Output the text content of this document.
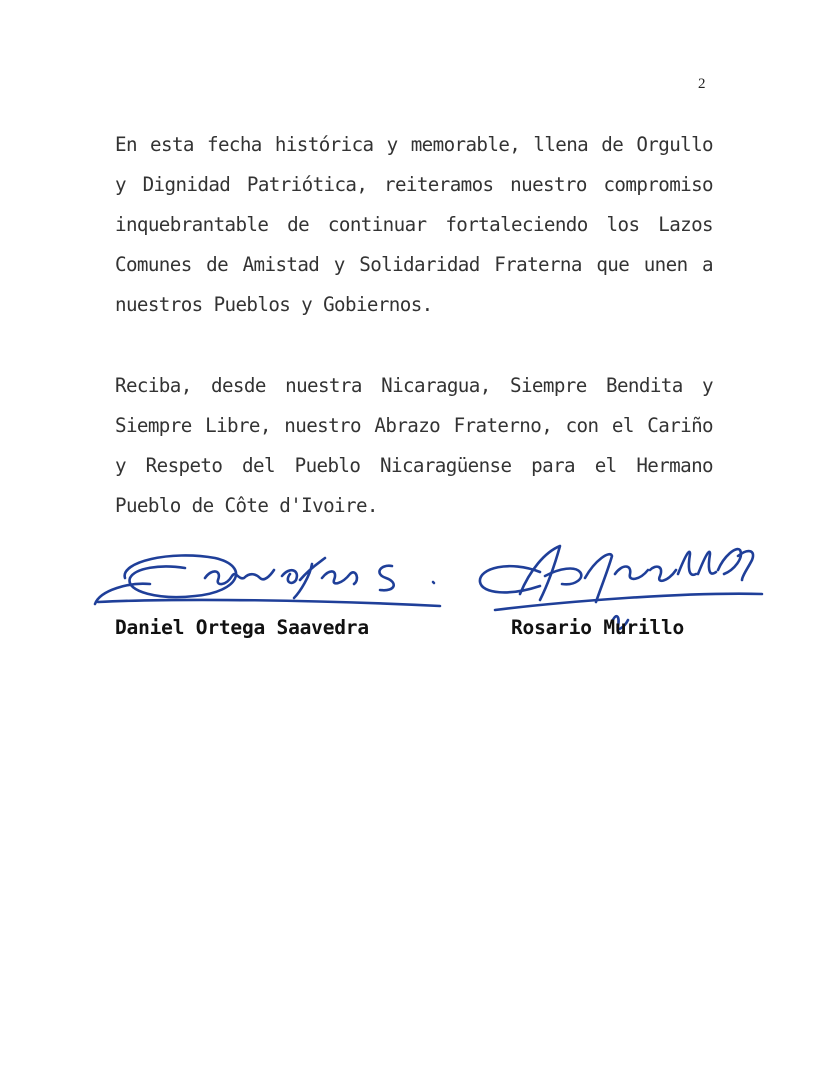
2
En esta fecha histórica y memorable, llena de Orgullo y Dignidad Patriótica, reiteramos nuestro compromiso inquebrantable de continuar fortaleciendo los Lazos Comunes de Amistad y Solidaridad Fraterna que unen a nuestros Pueblos y Gobiernos.
Reciba, desde nuestra Nicaragua, Siempre Bendita y Siempre Libre, nuestro Abrazo Fraterno, con el Cariño y Respeto del Pueblo Nicaragüense para el Hermano Pueblo de Côte d'Ivoire.
Daniel Ortega Saavedra	Rosario Murillo
